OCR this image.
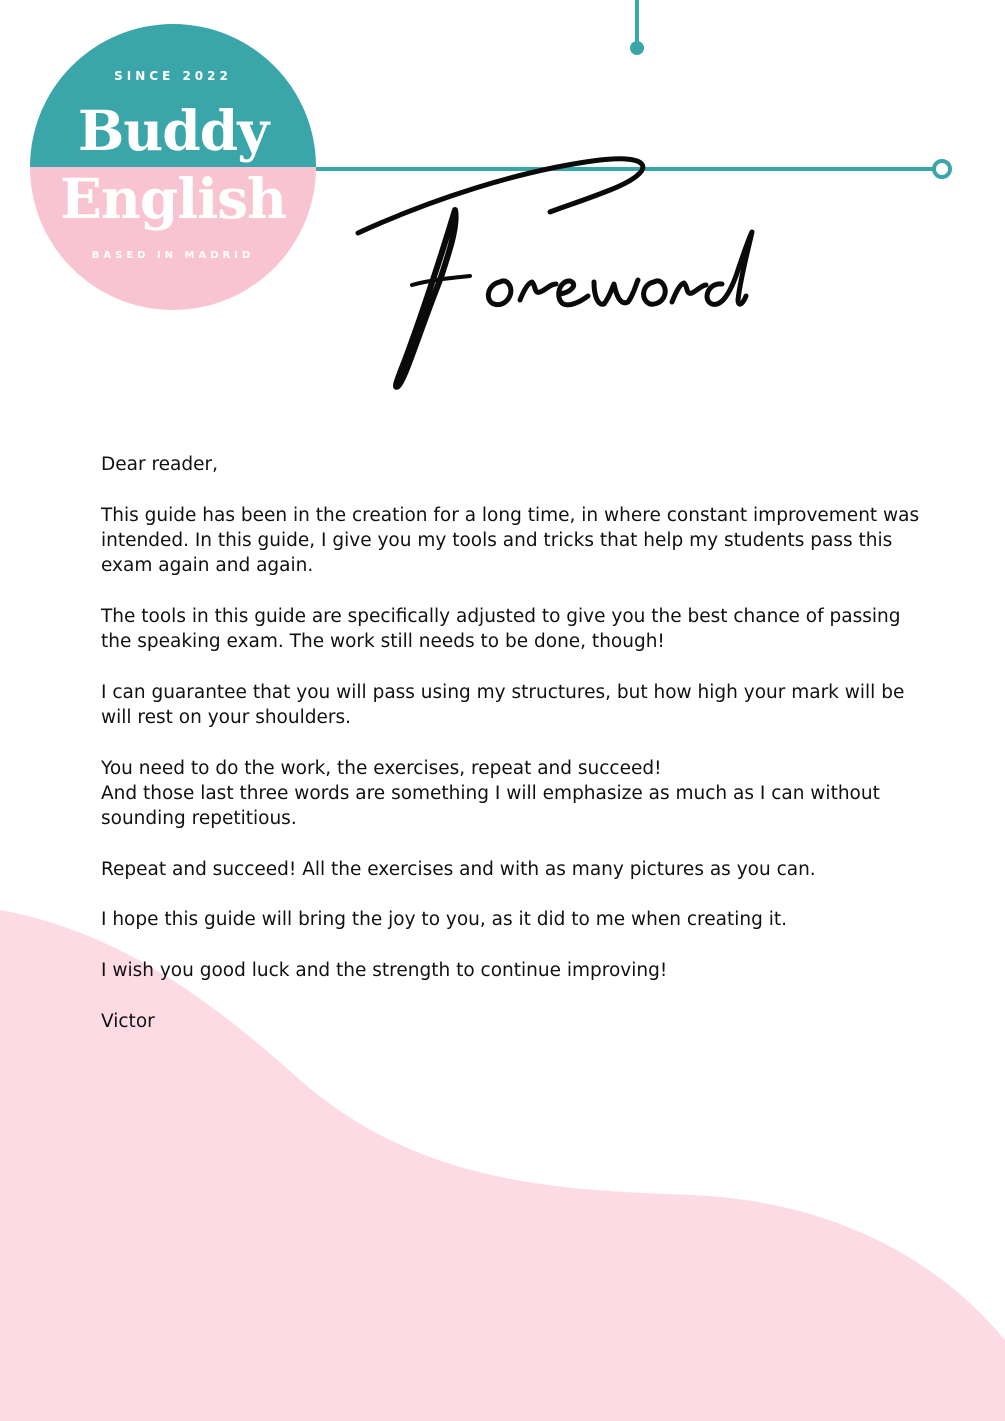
SINCE 2022
Buddy
English
BASED IN MADRID

Dear reader,

This guide has been in the creation for a long time, in where constant improvement was intended. In this guide, I give you my tools and tricks that help my students pass this exam again and again.

The tools in this guide are specifically adjusted to give you the best chance of passing the speaking exam. The work still needs to be done, though!

I can guarantee that you will pass using my structures, but how high your mark will be will rest on your shoulders.

You need to do the work, the exercises, repeat and succeed!

And those last three words are something I will emphasize as much as I can without sounding repetitious.

Repeat and succeed! All the exercises and with as many pictures as you can.

I hope this guide will bring the joy to you, as it did to me when creating it.

I wish you good luck and the strength to continue improving!

Victor
